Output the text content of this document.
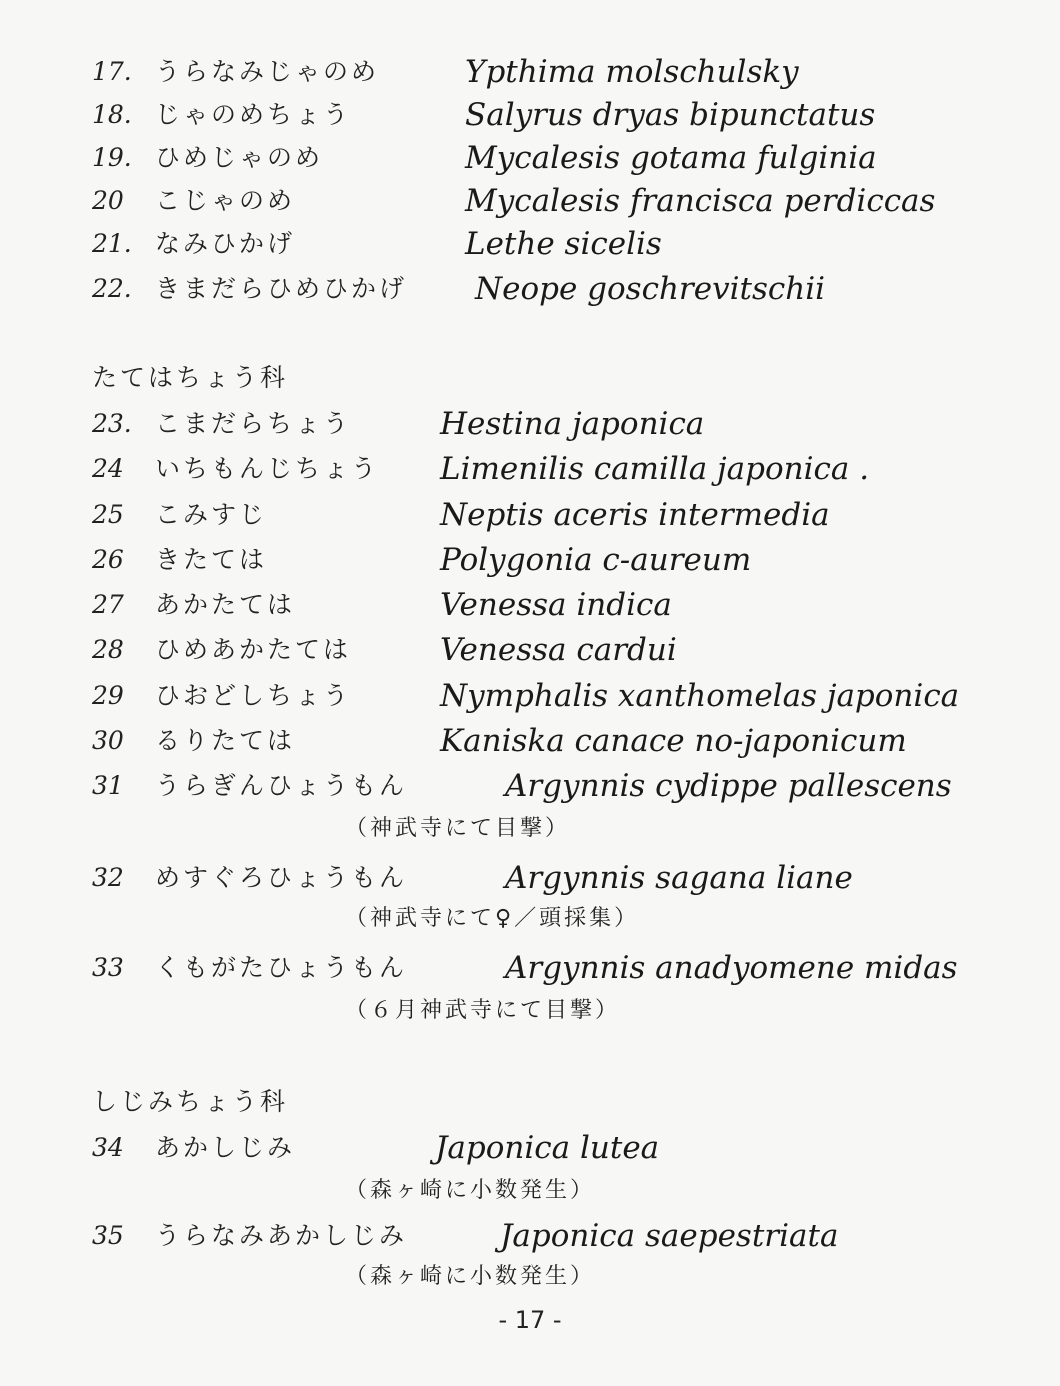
17. うらなみじゃのめ	Ypthima molschulsky
18. じゃのめちょう	Salyrus dryas bipunctatus
19. ひめじゃのめ	Mycalesis gotama fulginia
20	こじゃのめ	Mycalesis francisca perdiccas
21. なみひかげ	Lethe sicelis
22. きまだらひめひかげ Neope goschrevitschii
たてはちょう科
23. こまだらちょう	Hestina japonica
24	いちもんじちょう Limenilis camilla japonica .
25	こみすじ	Neptis aceris intermedia
26	きたては	Polygonia c-aureum
27	あかたては	Venessa indica
28	ひめあかたては	Venessa cardui
29	ひおどしちょう	Nymphalis xanthomelas japonica
30	るりたては	Kaniska canace no-japonicum
31	うらぎんひょうもん	Argynnis cydippe pallescens
（神武寺にて目撃）
32	めすぐろひょうもん	Argynnis sagana liane
（神武寺にて♀／頭採集）
33	くもがたひょうもん	Argynnis anadyomene midas
（６月神武寺にて目撃）
しじみちょう科
34	あかしじみ	Japonica lutea
（森ヶ崎に小数発生）
35	うらなみあかしじみ	Japonica saepestriata
（森ヶ崎に小数発生）
- 17 -
